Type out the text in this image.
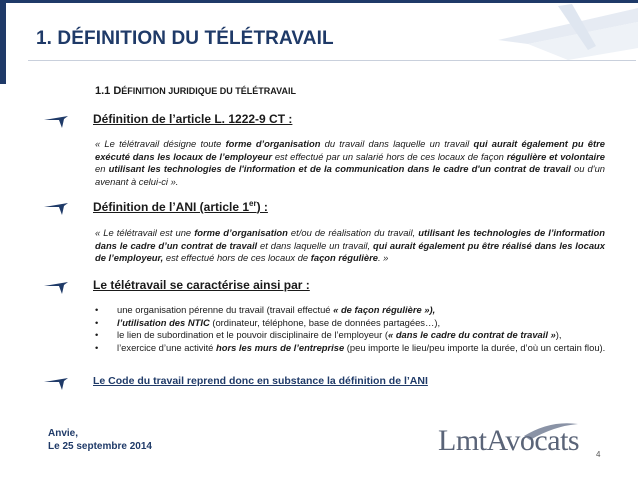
1. DÉFINITION DU TÉLÉTRAVAIL
1.1 DÉFINITION JURIDIQUE DU TÉLÉTRAVAIL
Définition de l’article L. 1222-9 CT :
« Le télétravail désigne toute forme d’organisation du travail dans laquelle un travail qui aurait également pu être exécuté dans les locaux de l’employeur est effectué par un salarié hors de ces locaux de façon régulière et volontaire en utilisant les technologies de l'information et de la communication dans le cadre d'un contrat de travail ou d'un avenant à celui-ci ».
Définition de l’ANI (article 1er) :
« Le télétravail est une forme d’organisation et/ou de réalisation du travail, utilisant les technologies de l’information dans le cadre d’un contrat de travail et dans laquelle un travail, qui aurait également pu être réalisé dans les locaux de l’employeur, est effectué hors de ces locaux de façon régulière. »
Le télétravail se caractérise ainsi par :
• une organisation pérenne du travail (travail effectué « de façon régulière »),
• l’utilisation des NTIC (ordinateur, téléphone, base de données partagées…),
• le lien de subordination et le pouvoir disciplinaire de l’employeur (« dans le cadre du contrat de travail »),
• l’exercice d’une activité hors les murs de l’entreprise (peu importe le lieu/peu importe la durée, d’où un certain flou).
Le Code du travail reprend donc en substance la définition de l’ANI
Anvie,
Le 25 septembre 2014	LmtAvocats 4
